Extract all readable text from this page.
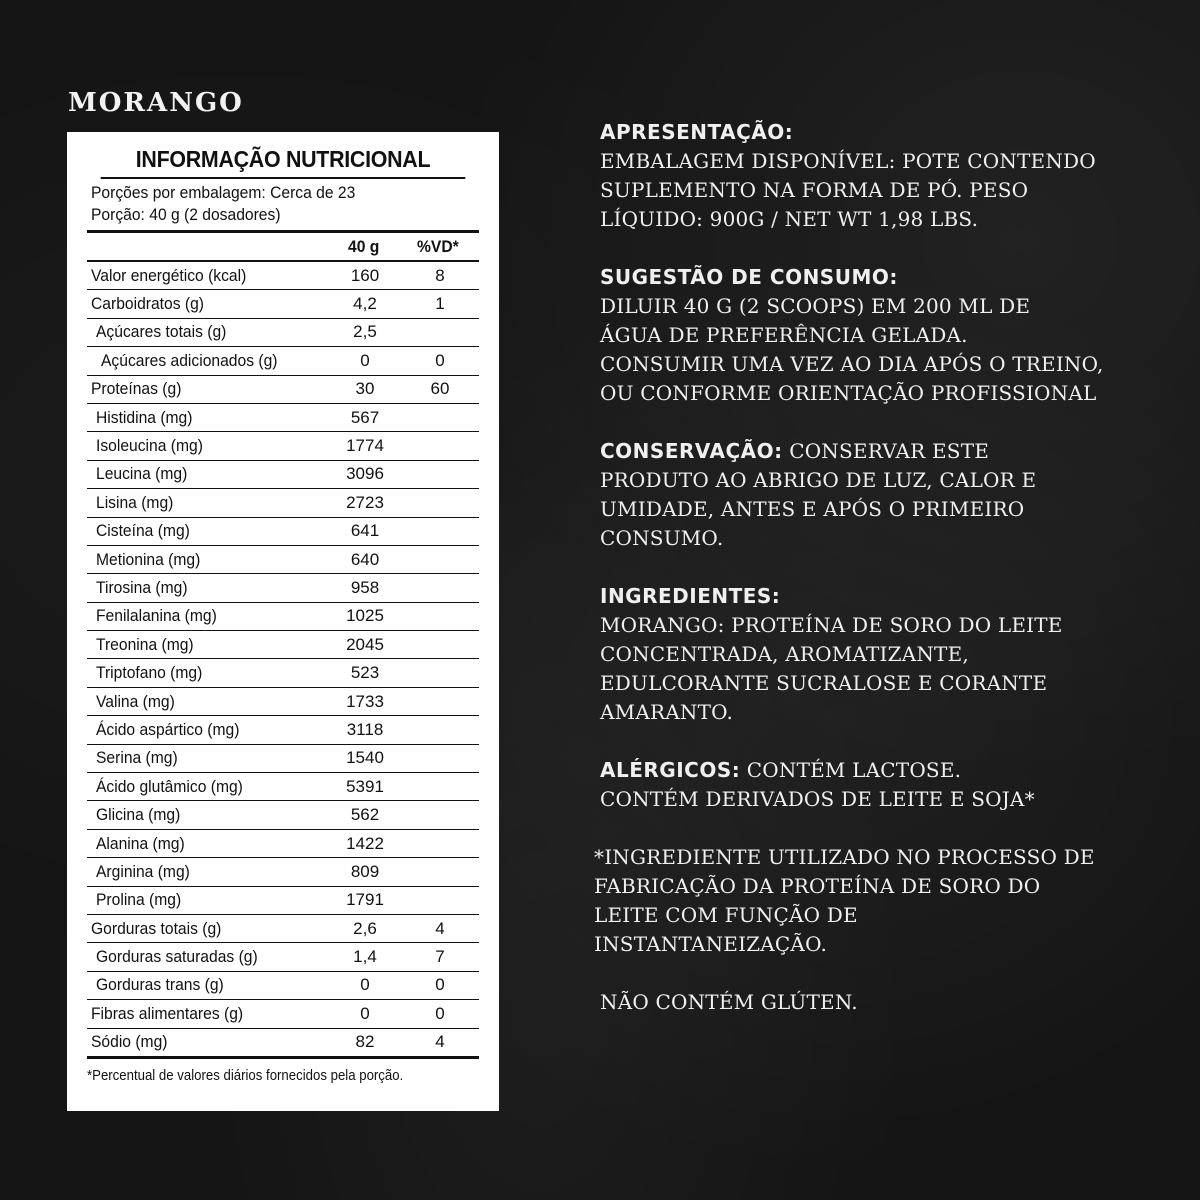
MORANGO
INFORMAÇÃO NUTRICIONAL
Porções por embalagem: Cerca de 23
Porção: 40 g (2 dosadores)
	40 g	%VD*
Valor energético (kcal)	160	8
Carboidratos (g)	4,2	1
Açúcares totais (g)	2,5	
Açúcares adicionados (g)	0	0
Proteínas (g)	30	60
Histidina (mg)	567	
Isoleucina (mg)	1774	
Leucina (mg)	3096	
Lisina (mg)	2723	
Cisteína (mg)	641	
Metionina (mg)	640	
Tirosina (mg)	958	
Fenilalanina (mg)	1025	
Treonina (mg)	2045	
Triptofano (mg)	523	
Valina (mg)	1733	
Ácido aspártico (mg)	3118	
Serina (mg)	1540	
Ácido glutâmico (mg)	5391	
Glicina (mg)	562	
Alanina (mg)	1422	
Arginina (mg)	809	
Prolina (mg)	1791	
Gorduras totais (g)	2,6	4
Gorduras saturadas (g)	1,4	7
Gorduras trans (g)	0	0
Fibras alimentares (g)	0	0
Sódio (mg)	82	4
*Percentual de valores diários fornecidos pela porção.
APRESENTAÇÃO:
EMBALAGEM DISPONÍVEL: POTE CONTENDO
SUPLEMENTO NA FORMA DE PÓ. PESO
LÍQUIDO: 900G / NET WT 1,98 LBS.
SUGESTÃO DE CONSUMO:
DILUIR 40 G (2 SCOOPS) EM 200 ML DE
ÁGUA DE PREFERÊNCIA GELADA.
CONSUMIR UMA VEZ AO DIA APÓS O TREINO,
OU CONFORME ORIENTAÇÃO PROFISSIONAL
CONSERVAÇÃO: CONSERVAR ESTE
PRODUTO AO ABRIGO DE LUZ, CALOR E
UMIDADE, ANTES E APÓS O PRIMEIRO
CONSUMO.
INGREDIENTES:
MORANGO: PROTEÍNA DE SORO DO LEITE
CONCENTRADA, AROMATIZANTE,
EDULCORANTE SUCRALOSE E CORANTE
AMARANTO.
ALÉRGICOS: CONTÉM LACTOSE.
CONTÉM DERIVADOS DE LEITE E SOJA*
*INGREDIENTE UTILIZADO NO PROCESSO DE
FABRICAÇÃO DA PROTEÍNA DE SORO DO
LEITE COM FUNÇÃO DE
INSTANTANEIZAÇÃO.
NÃO CONTÉM GLÚTEN.
